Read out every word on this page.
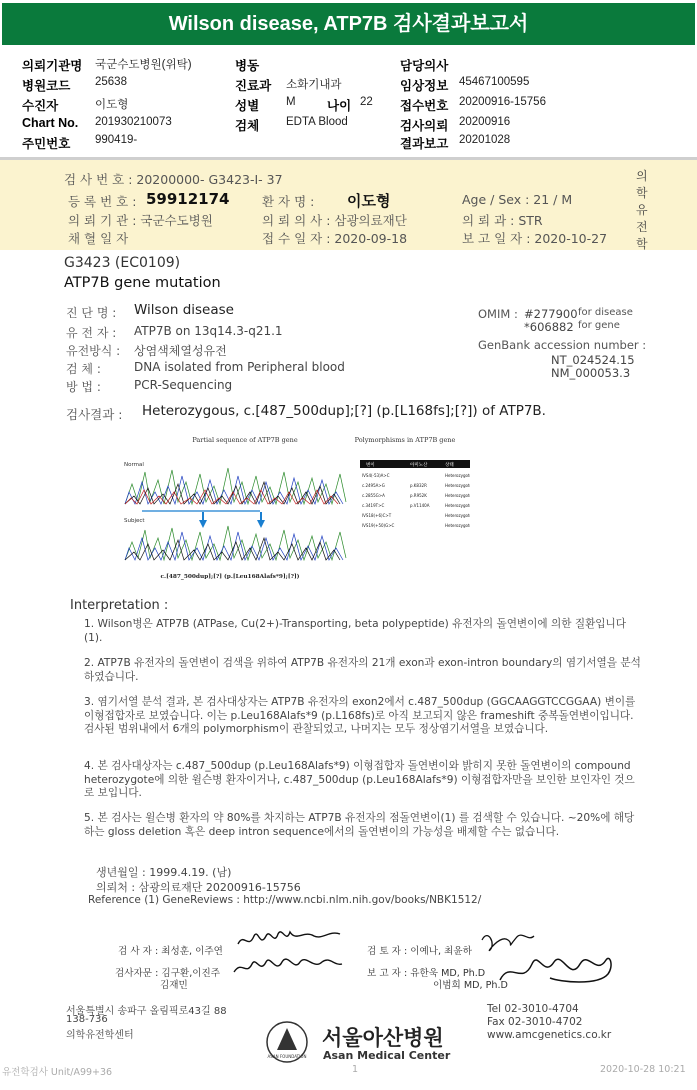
Wilson disease, ATP7B 검사결과보고서
의뢰기관명 국군수도병원(위탁)	병동	담당의사
병원코드 25638	진료과 소화기내과	임상정보 45467100595
수진자	이도형	성별 M	나이 22 접수번호 20200916-15756
Chart No. 201930210073	검체 EDTA Blood	검사의뢰 20200916
주민번호 990419-	결과보고 20201028
검 사 번 호 : 20200000- G3423-I- 37
등 록 번 호 : 59912174	환 자 명 : 이도형	Age / Sex : 21 / M
의 뢰 기 관 : 국군수도병원	의 뢰 의 사 : 삼광의료재단	의 뢰 과 : STR
채 혈 일 자	접 수 일 자 : 2020-09-18	보 고 일 자 : 2020-10-27
의학유전학
G3423 (EC0109)
ATP7B gene mutation
진 단 명 : Wilson disease
유 전 자 : ATP7B on 13q14.3-q21.1
유전방식 : 상염색체열성유전
검 체 :	DNA isolated from Peripheral blood
방 법 :	PCR-Sequencing
OMIM : #277900 for disease
*606882 for gene
GenBank accession number :
NT_024524.15
NM_000053.3
검사결과 : Heterozygous, c.[487_500dup];[?] (p.[L168fs];[?]) of ATP7B.
Partial sequence of ATP7B gene	Polymorphisms in ATP7B gene
Normal
Subject
c.[487_500dup];[?] (p.[Leu168Alafs*9];[?])
변이	아미노산	상태
IVS4(-53)A>C	Heterozygote
c.2495A>G	p.K832R	Heterozygote
c.2855G>A	p.R952K	Heterozygote
c.3419T>C	p.V1140A	Heterozygote
IVS18(+6)C>T	Heterozygote
IVS19(+50)G>C	Heterozygote
Interpretation :

1. Wilson병은 ATP7B (ATPase, Cu(2+)-Transporting, beta polypeptide) 유전자의 돌연변이에 의한 질환입니다 (1).

2. ATP7B 유전자의 돌연변이 검색을 위하여 ATP7B 유전자의 21개 exon과 exon-intron boundary의 염기서열을 분석하였습니다.

3. 염기서열 분석 결과, 본 검사대상자는 ATP7B 유전자의 exon2에서 c.487_500dup (GGCAAGGTCCGGAA) 변이를 이형접합자로 보였습니다. 이는 p.Leu168Alafs*9 (p.L168fs)로 아직 보고되지 않은 frameshift 중복돌연변이입니다. 검사된 범위내에서 6개의 polymorphism이 관찰되었고, 나머지는 모두 정상염기서열을 보였습니다.

4. 본 검사대상자는 c.487_500dup (p.Leu168Alafs*9) 이형접합자 돌연변이와 밝히지 못한 돌연변이의 compound heterozygote에 의한 윌슨병 환자이거나, c.487_500dup (p.Leu168Alafs*9) 이형접합자만을 보인한 보인자인 것으로 보입니다.

5. 본 검사는 윌슨병 환자의 약 80%를 차지하는 ATP7B 유전자의 점돌연변이(1) 를 검색할 수 있습니다. ~20%에 해당하는 gloss deletion 혹은 deep intron sequence에서의 돌연변이의 가능성을 배제할 수는 없습니다.

생년월일 : 1999.4.19. (남)
의뢰처 : 삼광의료재단 20200916-15756
Reference (1) GeneReviews : http://www.ncbi.nlm.nih.gov/books/NBK1512/
검 사 자 : 최성훈, 이주연
검사자문 : 김구환,이진주
김재민
검 토 자 : 이예나, 최윤하
보 고 자 : 유한욱 MD, Ph.D
이범희 MD, Ph.D
서울특별시 송파구 올림픽로43길 88
138-736
의학유전학센터
ASAN FOUNDATION
서울아산병원
Asan Medical Center
Tel 02-3010-4704
Fax 02-3010-4702
www.amcgenetics.co.kr
유전학검사 Unit/A99+36	1	2020-10-28 10:21
